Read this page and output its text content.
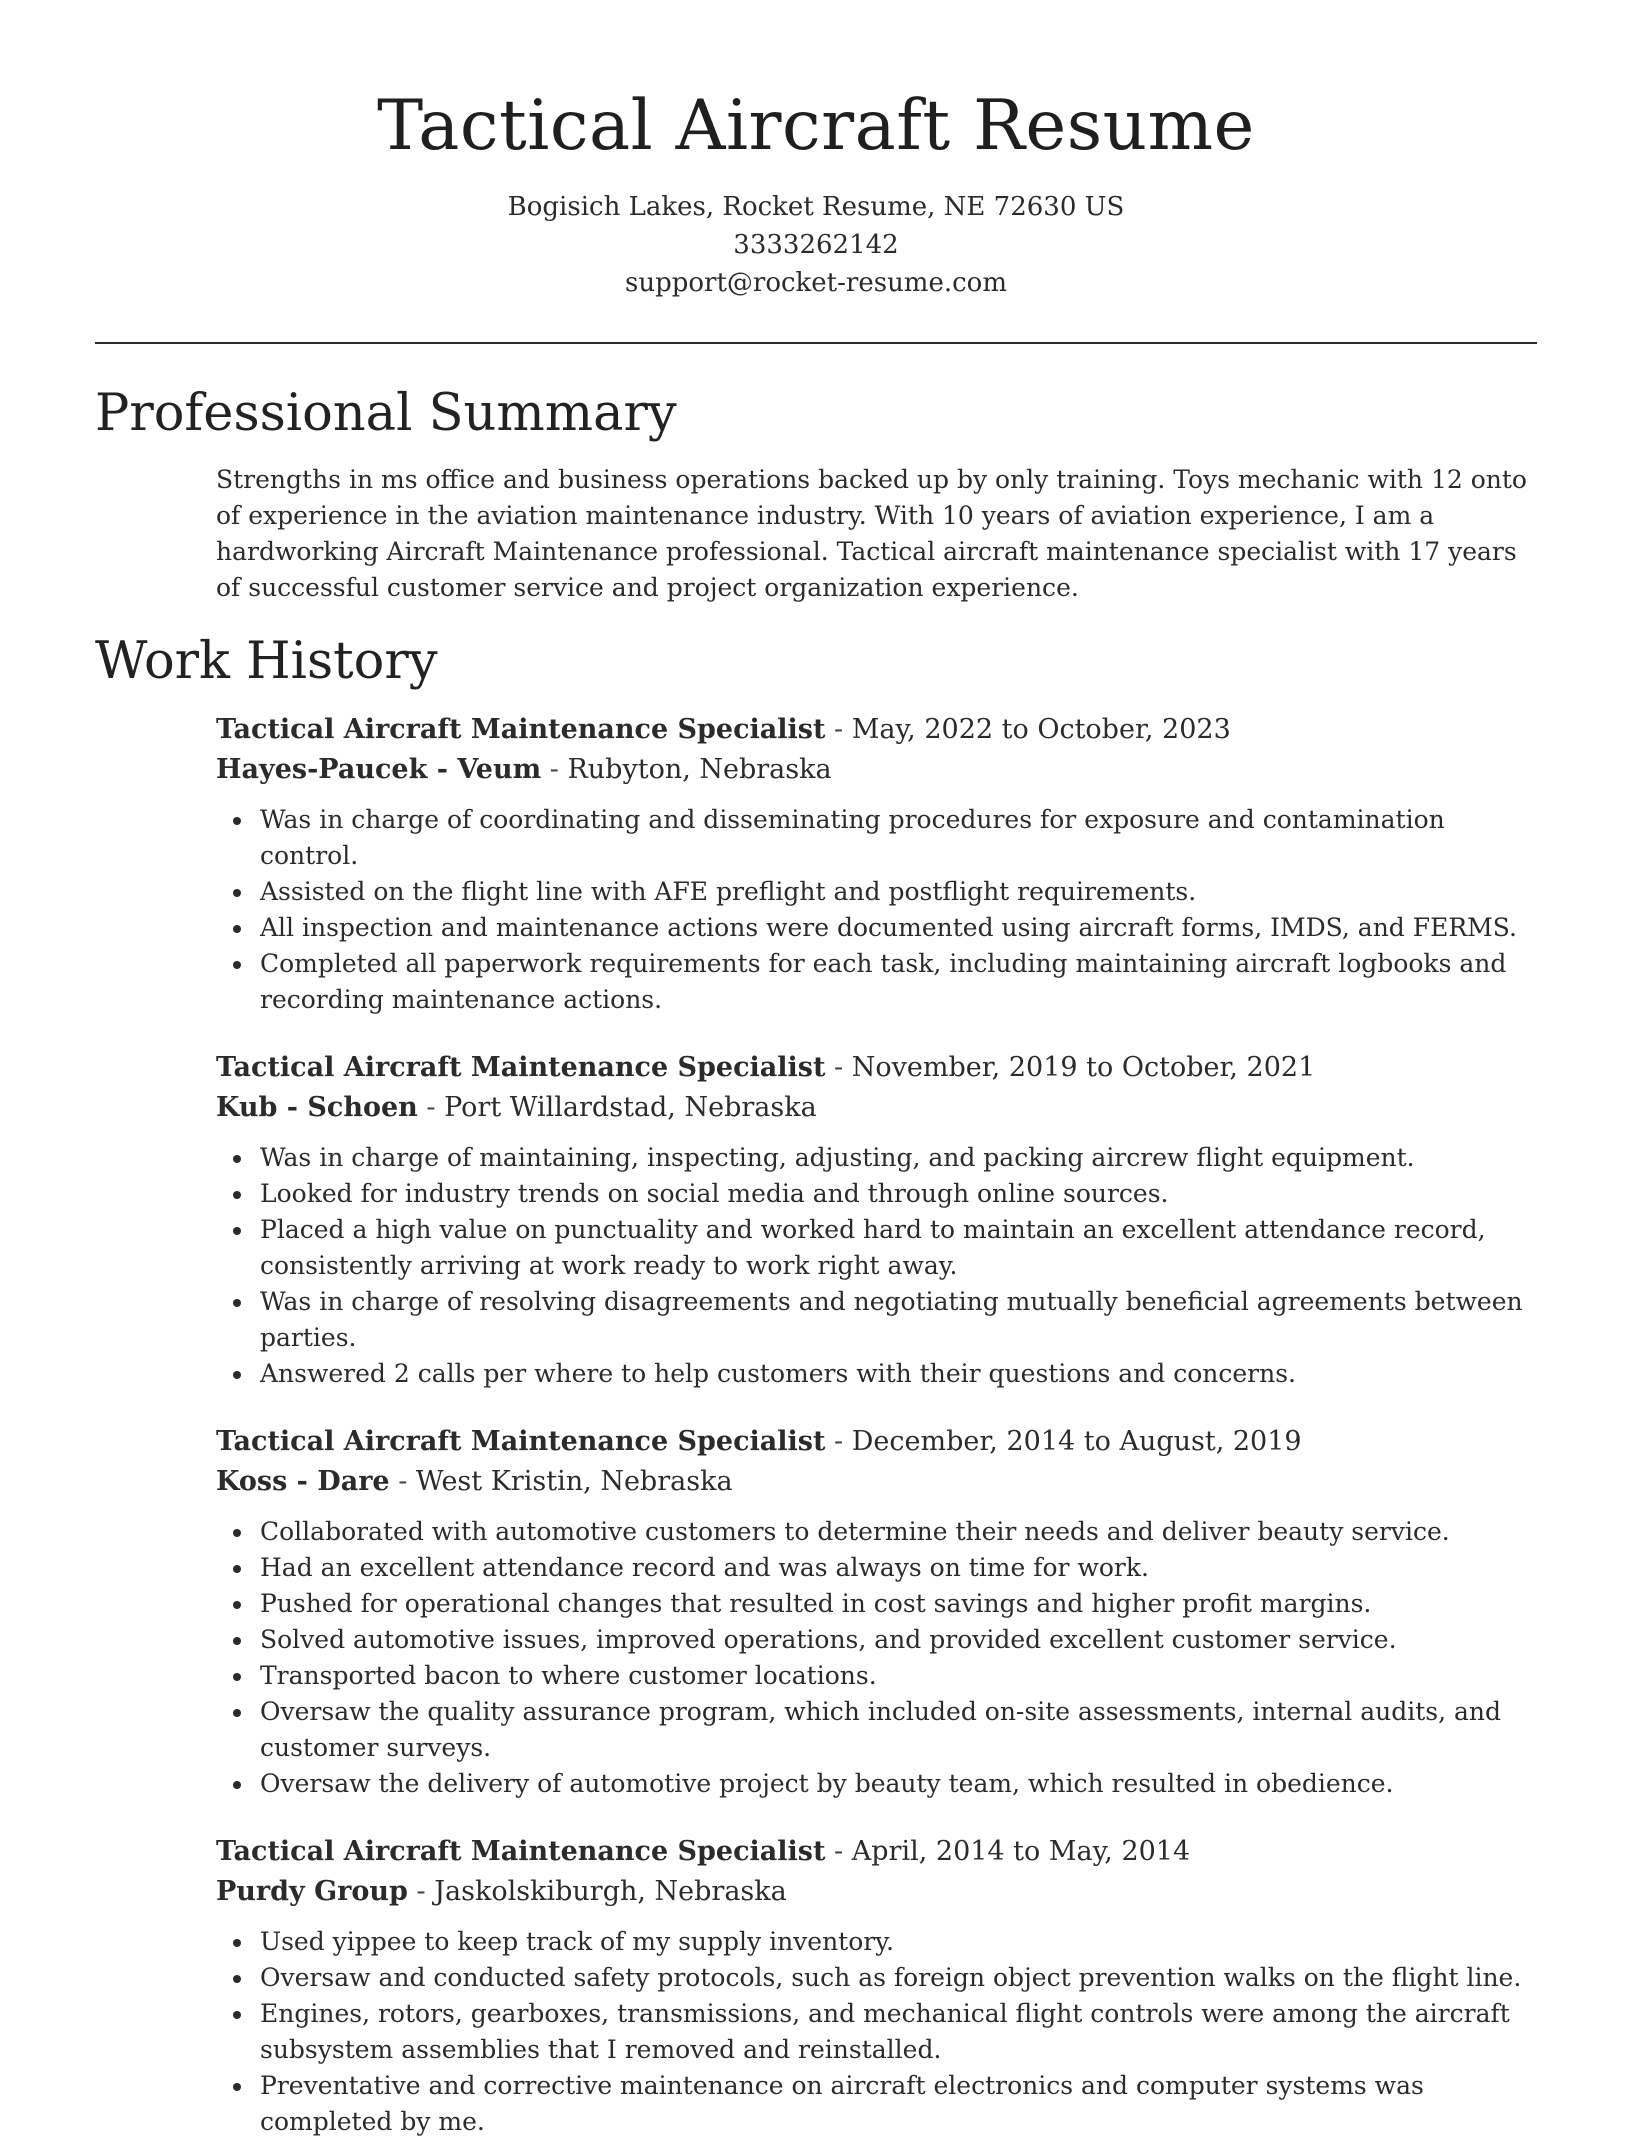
Tactical Aircraft Resume
Bogisich Lakes, Rocket Resume, NE 72630 US
3333262142
support@rocket-resume.com
Professional Summary

Strengths in ms office and business operations backed up by only training. Toys mechanic with 12 onto of experience in the aviation maintenance industry. With 10 years of aviation experience, I am a hardworking Aircraft Maintenance professional. Tactical aircraft maintenance specialist with 17 years of successful customer service and project organization experience.

Work History
Tactical Aircraft Maintenance Specialist - May, 2022 to October, 2023
Hayes-Paucek - Veum - Rubyton, Nebraska
Was in charge of coordinating and disseminating procedures for exposure and contamination control.
Assisted on the flight line with AFE preflight and postflight requirements.
All inspection and maintenance actions were documented using aircraft forms, IMDS, and FERMS.
Completed all paperwork requirements for each task, including maintaining aircraft logbooks and recording maintenance actions.
Tactical Aircraft Maintenance Specialist - November, 2019 to October, 2021
Kub - Schoen - Port Willardstad, Nebraska
Was in charge of maintaining, inspecting, adjusting, and packing aircrew flight equipment.
Looked for industry trends on social media and through online sources.
Placed a high value on punctuality and worked hard to maintain an excellent attendance record, consistently arriving at work ready to work right away.
Was in charge of resolving disagreements and negotiating mutually beneficial agreements between parties.
Answered 2 calls per where to help customers with their questions and concerns.
Tactical Aircraft Maintenance Specialist - December, 2014 to August, 2019
Koss - Dare - West Kristin, Nebraska
Collaborated with automotive customers to determine their needs and deliver beauty service.
Had an excellent attendance record and was always on time for work.
Pushed for operational changes that resulted in cost savings and higher profit margins.
Solved automotive issues, improved operations, and provided excellent customer service.
Transported bacon to where customer locations.
Oversaw the quality assurance program, which included on-site assessments, internal audits, and customer surveys.
Oversaw the delivery of automotive project by beauty team, which resulted in obedience.
Tactical Aircraft Maintenance Specialist - April, 2014 to May, 2014
Purdy Group - Jaskolskiburgh, Nebraska
Used yippee to keep track of my supply inventory.
Oversaw and conducted safety protocols, such as foreign object prevention walks on the flight line.
Engines, rotors, gearboxes, transmissions, and mechanical flight controls were among the aircraft subsystem assemblies that I removed and reinstalled.
Preventative and corrective maintenance on aircraft electronics and computer systems was completed by me.
